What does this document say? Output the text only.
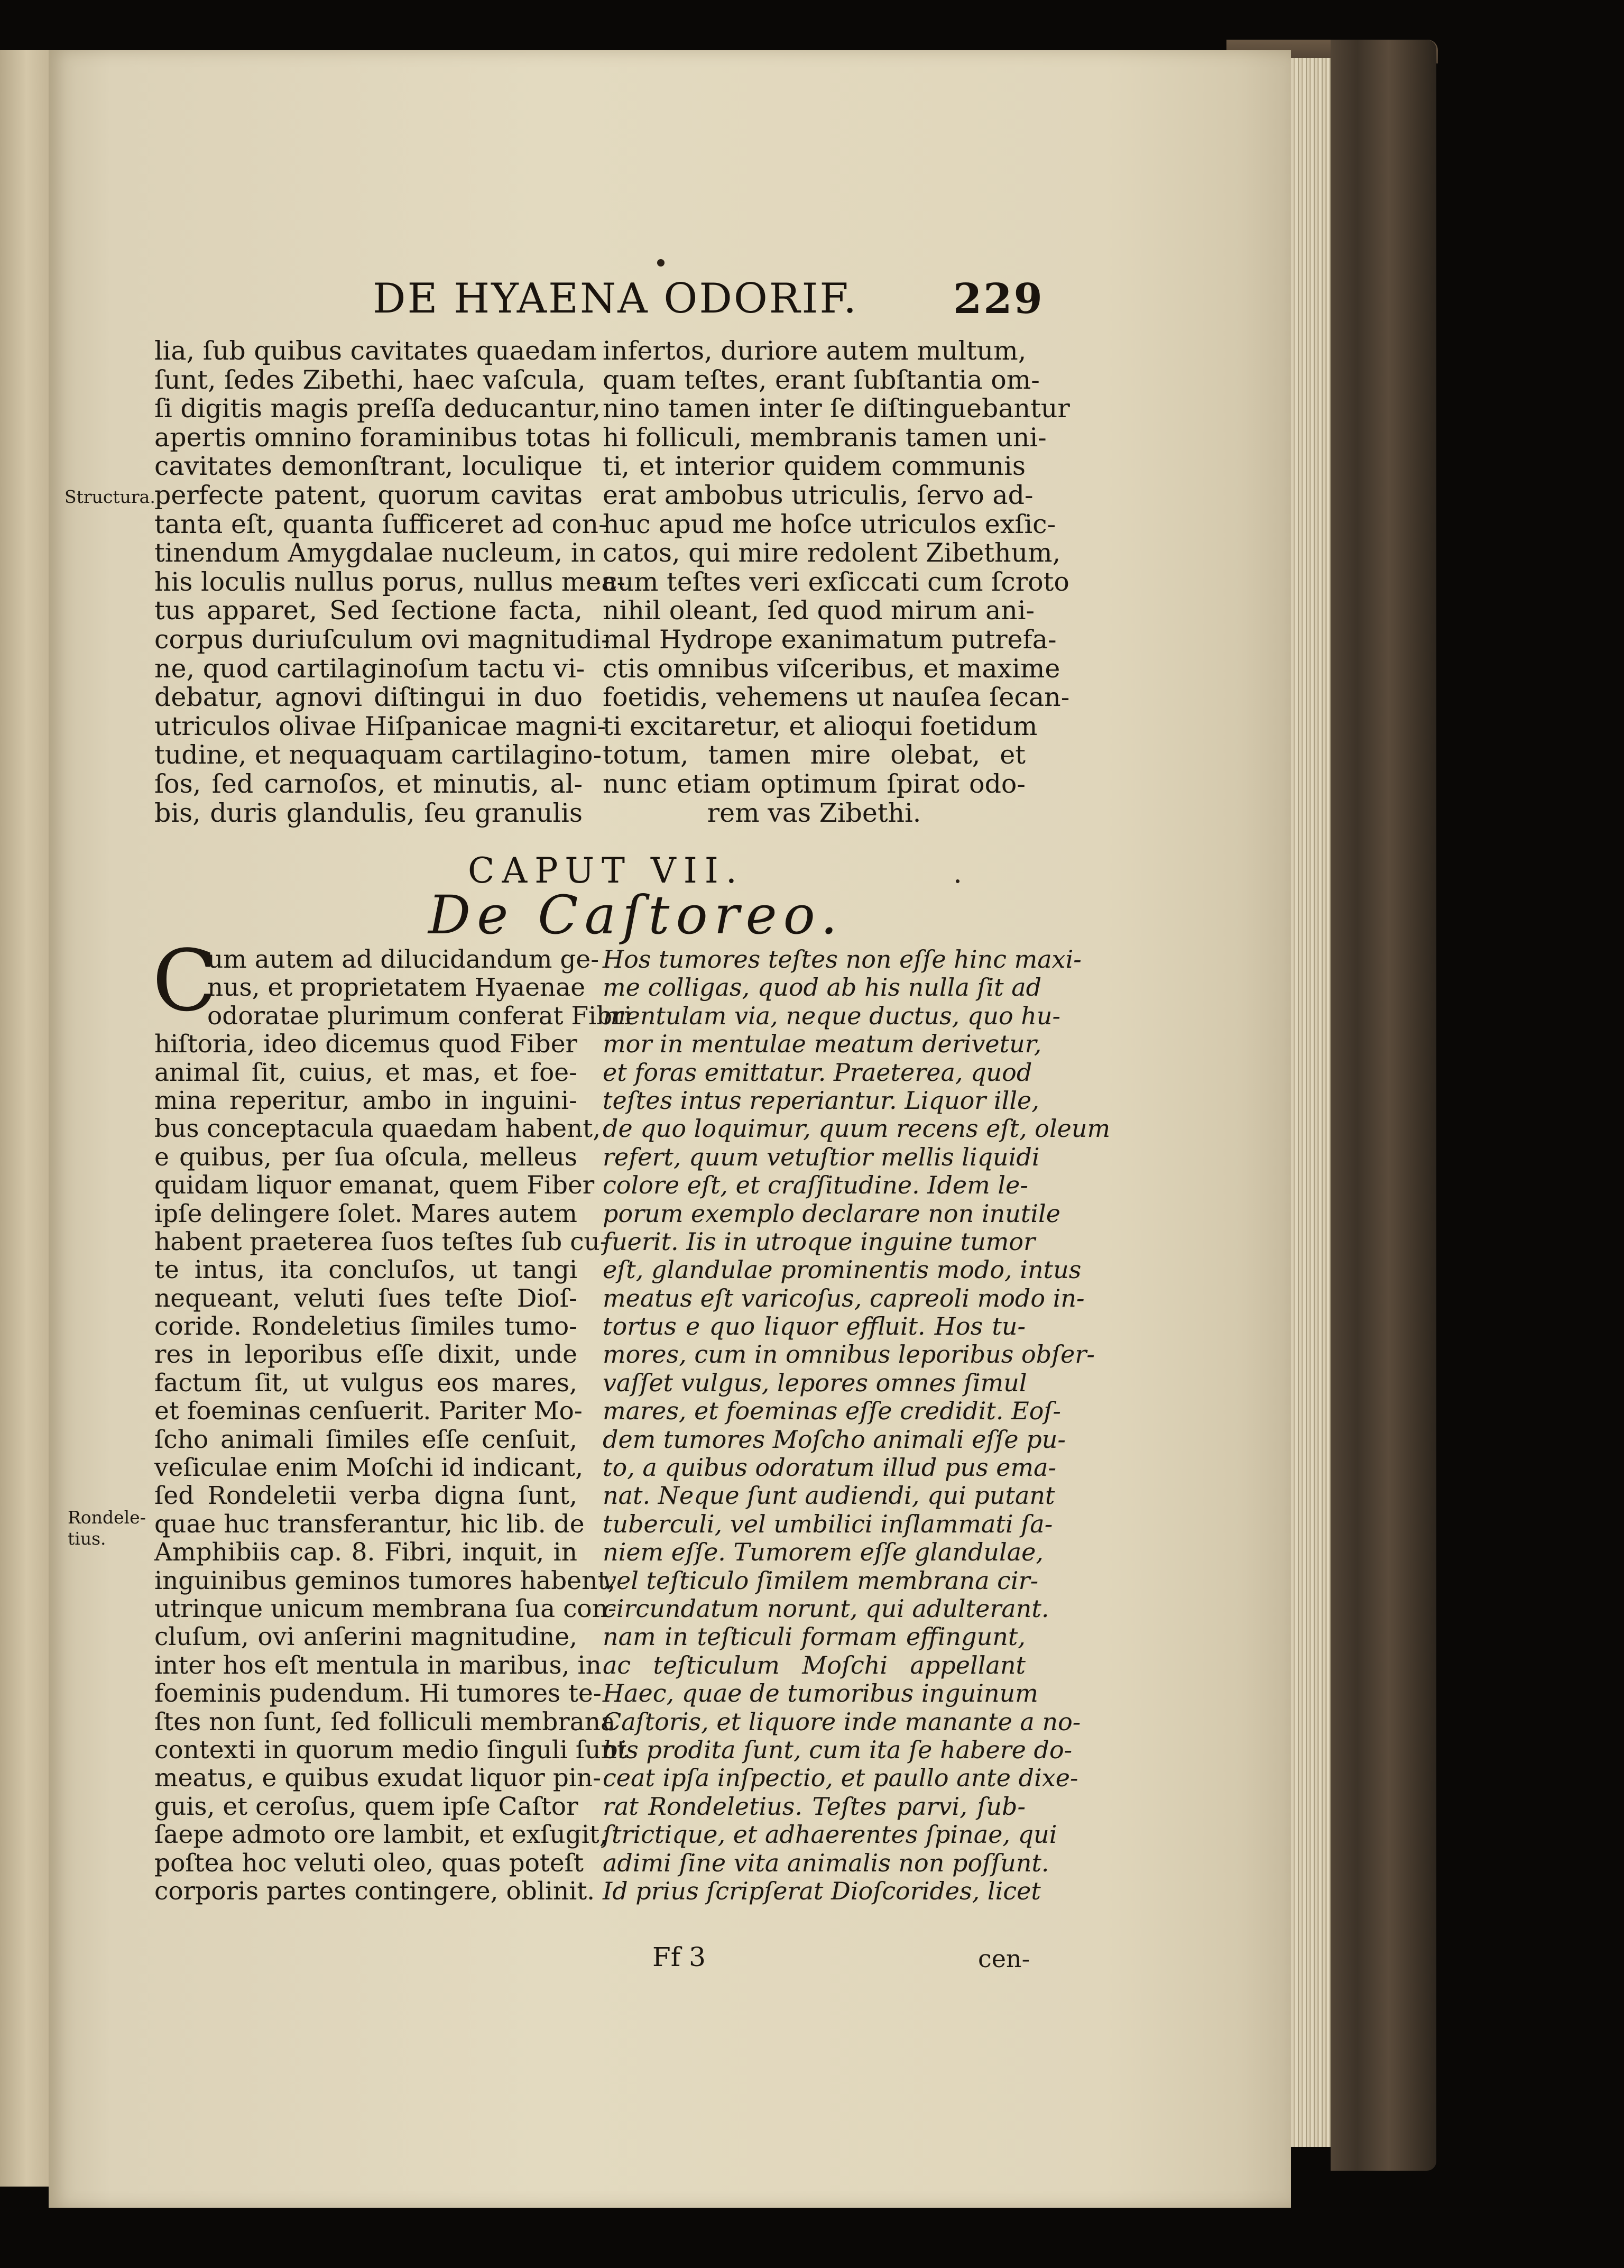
DE HYAENA ODORIF. 229
Structura.
Rondele-
tius.
lia, ſub quibus cavitates quaedam
ſunt, ſedes Zibethi, haec vaſcula,
ſi digitis magis preſſa deducantur,
apertis omnino foraminibus totas
cavitates demonſtrant, loculique
perfecte patent, quorum cavitas
tanta eſt, quanta ſufficeret ad con-
tinendum Amygdalae nucleum, in
his loculis nullus porus, nullus mea-
tus apparet, Sed ſectione facta,
corpus duriuſculum ovi magnitudi-
ne, quod cartilaginoſum tactu vi-
debatur, agnovi diſtingui in duo
utriculos olivae Hiſpanicae magni-
tudine, et nequaquam cartilagino-
ſos, ſed carnoſos, et minutis, al-
bis, duris glandulis, ſeu granulis
infertos, duriore autem multum,
quam teſtes, erant ſubſtantia om-
nino tamen inter ſe diſtinguebantur
hi folliculi, membranis tamen uni-
ti, et interior quidem communis
erat ambobus utriculis, ſervo ad-
huc apud me hoſce utriculos exſic-
catos, qui mire redolent Zibethum,
cum teſtes veri exſiccati cum ſcroto
nihil oleant, ſed quod mirum ani-
mal Hydrope exanimatum putrefa-
ctis omnibus viſceribus, et maxime
foetidis, vehemens ut nauſea ſecan-
ti excitaretur, et alioqui foetidum
totum, tamen mire olebat, et
nunc etiam optimum ſpirat odo-
rem vas Zibethi.
CAPUT VII.
De Caſtoreo.
C
um autem ad dilucidandum ge-
nus, et proprietatem Hyaenae
odoratae plurimum conferat Fibri
hiſtoria, ideo dicemus quod Fiber
animal ſit, cuius, et mas, et foe-
mina reperitur, ambo in inguini-
bus conceptacula quaedam habent,
e quibus, per ſua oſcula, melleus
quidam liquor emanat, quem Fiber
ipſe delingere ſolet. Mares autem
habent praeterea ſuos teſtes ſub cu-
te intus, ita concluſos, ut tangi
nequeant, veluti ſues teſte Dioſ-
coride. Rondeletius ſimiles tumo-
res in leporibus eſſe dixit, unde
factum ſit, ut vulgus eos mares,
et foeminas cenſuerit. Pariter Mo-
ſcho animali ſimiles eſſe cenſuit,
veſiculae enim Moſchi id indicant,
ſed Rondeletii verba digna ſunt,
quae huc transferantur, hic lib. de
Amphibiis cap. 8. Fibri, inquit, in
inguinibus geminos tumores habent,
utrinque unicum membrana ſua con-
cluſum, ovi anſerini magnitudine,
inter hos eſt mentula in maribus, in
foeminis pudendum. Hi tumores te-
ſtes non ſunt, ſed folliculi membrana
contexti in quorum medio ſinguli ſunt
meatus, e quibus exudat liquor pin-
guis, et ceroſus, quem ipſe Caſtor
ſaepe admoto ore lambit, et exſugit,
poſtea hoc veluti oleo, quas poteſt
corporis partes contingere, oblinit.
Hos tumores teſtes non eſſe hinc maxi-
me colligas, quod ab his nulla ſit ad
mentulam via, neque ductus, quo hu-
mor in mentulae meatum derivetur,
et foras emittatur. Praeterea, quod
teſtes intus reperiantur. Liquor ille,
de quo loquimur, quum recens eſt, oleum
refert, quum vetuſtior mellis liquidi
colore eſt, et craſſitudine. Idem le-
porum exemplo declarare non inutile
fuerit. Iis in utroque inguine tumor
eſt, glandulae prominentis modo, intus
meatus eſt varicoſus, capreoli modo in-
tortus e quo liquor effluit. Hos tu-
mores, cum in omnibus leporibus obſer-
vaſſet vulgus, lepores omnes ſimul
mares, et foeminas eſſe credidit. Eoſ-
dem tumores Moſcho animali eſſe pu-
to, a quibus odoratum illud pus ema-
nat. Neque ſunt audiendi, qui putant
tuberculi, vel umbilici inſlammati ſa-
niem eſſe. Tumorem eſſe glandulae,
vel teſticulo ſimilem membrana cir-
circundatum norunt, qui adulterant.
nam in teſticuli formam effingunt,
ac teſticulum Moſchi appellant
Haec, quae de tumoribus inguinum
Caſtoris, et liquore inde manante a no-
bis prodita ſunt, cum ita ſe habere do-
ceat ipſa inſpectio, et paullo ante dixe-
rat Rondeletius. Teſtes parvi, ſub-
ſtrictique, et adhaerentes ſpinae, qui
adimi ſine vita animalis non poſſunt.
Id prius ſcripſerat Dioſcorides, licet
Ff 3	cen-
